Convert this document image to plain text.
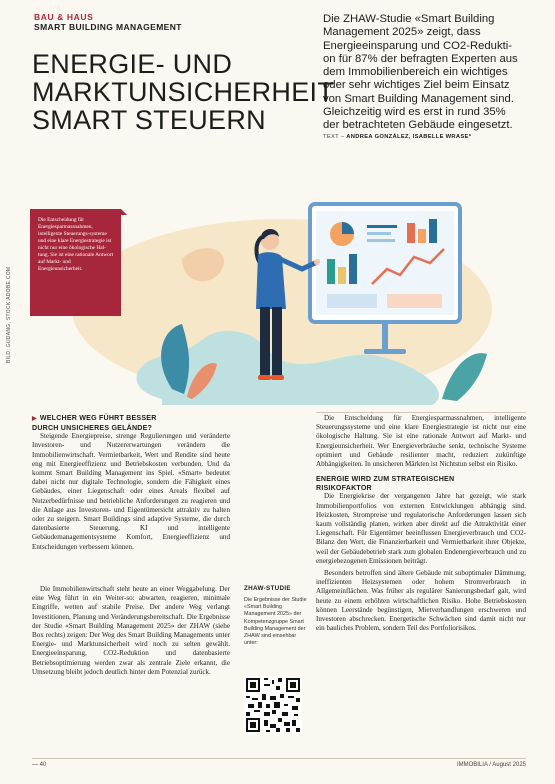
BAU & HAUS
SMART BUILDING MANAGEMENT
ENERGIE- UND
MARKTUNSICHERHEIT
SMART STEUERN
Die ZHAW-Studie «Smart Building
Management 2025» zeigt, dass
Energieeinsparung und CO2-Redukti-
on für 87% der befragten Experten aus
dem Immobilienbereich ein wichtiges
oder sehr wichtiges Ziel beim Einsatz
von Smart Building Management sind.
Gleichzeitig wird es erst in rund 35%
der betrachteten Gebäude eingesetzt.
TEXT – ANDREA GONZÁLEZ, ISABELLE WRASE*
BILD: GUDANG, STOCK.ADOBE.COM
Die Entscheidung für Energiesparmassnahmen, intelligente Steuerungs-systeme und eine klare Energiestrategie ist nicht nur eine ökologische Hal-tung. Sie ist eine rationale Antwort auf Markt- und Energieunsicherheit.
▶ WELCHER WEG FÜHRT BESSER
DURCH UNSICHERES GELÄNDE?

Steigende Energiepreise, strenge Regulierungen und veränderte Investoren- und Nutzererwartungen verändern die Immobilienwirtschaft. Vermietbarkeit, Wert und Rendite sind heute eng mit Energieeffizienz und Betriebskosten verbunden. Und da kommt Smart Building Management ins Spiel. «Smart» bedeutet dabei nicht nur digitale Technologie, sondern die Fähigkeit eines Gebäudes, einer Liegenschaft oder eines Areals flexibel auf Nutzerbedürfnisse und betriebliche Anforderungen zu reagieren und die Anlage aus Investoren- und Eigentümersicht attraktiv zu halten oder zu steigern. Smart Buildings sind adaptive Systeme, die durch datenbasierte Steuerung, KI und intelligente Gebäudemanagementsysteme Komfort, Energieeffizienz und Entscheidungen verbessern können.

Die Immobilienwirtschaft steht heute an einer Weggabelung. Der eine Weg führt in ein Weiter-so: abwarten, reagieren, minimale Eingriffe, wetten auf stabile Preise. Der andere Weg verlangt Investitionen, Planung und Veränderungsbereitschaft. Die Ergebnisse der Studie «Smart Building Management 2025» der ZHAW (siehe Box rechts) zeigen: Der Weg des Smart Building Managements unter Energie- und Marktunsicherheit wird noch zu selten gewählt. Energieeinsparung, CO2-Reduktion und datenbasierte Betriebsoptimierung werden zwar als zentrale Ziele erkannt, die Umsetzung bleibt jedoch deutlich hinter dem Potenzial zurück.

ZHAW-STUDIE
Die Ergebnisse der Studie «Smart Building Management 2025» der Kompetenzgruppe Smart Building Management der ZHAW sind einsehbar unter:

Die Entscheidung für Energiesparmassnahmen, intelligente Steuerungssysteme und eine klare Energiestrategie ist nicht nur eine ökologische Haltung. Sie ist eine rationale Antwort auf Markt- und Energieunsicherheit. Wer Energieverbräuche senkt, technische Systeme optimiert und Gebäude resilienter macht, reduziert zukünftige Abhängigkeiten. In unsicheren Märkten ist Nichtstun selbst ein Risiko.

ENERGIE WIRD ZUM STRATEGISCHEN
RISIKOFAKTOR

Die Energiekrise der vergangenen Jahre hat gezeigt, wie stark Immobilienportfolios von externen Entwicklungen abhängig sind. Heizkosten, Strompreise und regulatorische Anforderungen lassen sich kaum vollständig planen, wirken aber direkt auf die Attraktivität einer Liegenschaft. Für Eigentümer beeinflussen Energieverbrauch und CO2-Bilanz den Wert, die Finanzierbarkeit und Vermietbarkeit ihrer Objekte, weil der Gebäudebetrieb stark zum globalen Endenergieverbrauch und zu energiebezogenen Emissionen beiträgt.

Besonders betroffen sind ältere Gebäude mit suboptimaler Dämmung, ineffizienten Heizsystemen oder hohem Stromverbrauch in Allgemeinflächen. Was früher als regulärer Sanierungsbedarf galt, wird heute zu einem erhöhten wirtschaftlichen Risiko. Hohe Betriebskosten können Leerstände begünstigen, Mietverhandlungen erschweren und Investoren abschrecken. Energetische Schwächen sind damit nicht nur ein bauliches Problem, sondern Teil des Portfoliorisikos.

— 40	IMMOBILIA / August 2025
